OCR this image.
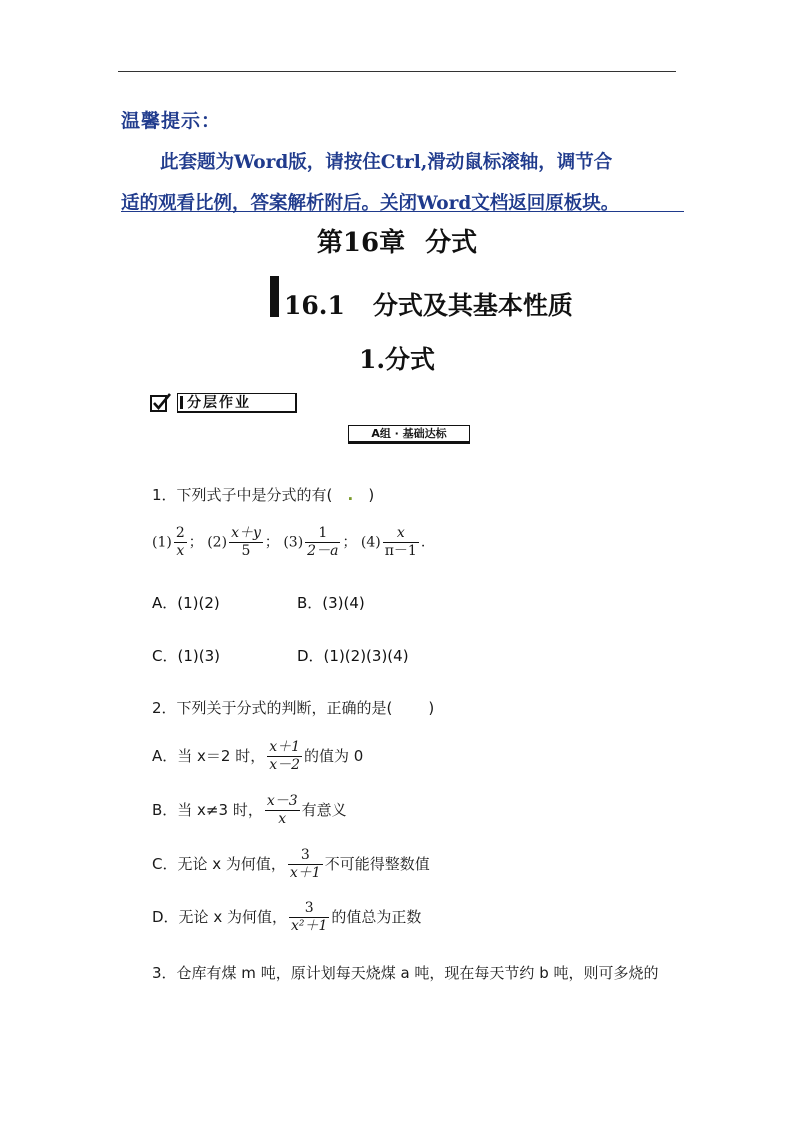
温馨提示：
此套题为Word版，请按住Ctrl,滑动鼠标滚轴，调节合
适的观看比例，答案解析附后。关闭Word文档返回原板块。
第16章 分式
16.1 分式及其基本性质
1.分式
分层作业
A组 · 基础达标
1．下列式子中是分式的有( . )
$(1) \frac{2}{x}$ ； $(2) \frac{x+y}{5}$ ； $(3) \frac{1}{2-a}$ ； $(4) \frac{x}{\pi-1}$ .
A．(1)(2)	B．(3)(4)
C．(1)(3)	D．(1)(2)(3)(4)
2．下列关于分式的判断，正确的是( )
A．当 x＝2 时， $\frac{x+1}{x-2}$ 的值为 0
B．当 x≠3 时， $\frac{x-3}{x}$ 有意义
C．无论 x 为何值， $\frac{3}{x+1}$ 不可能得整数值
D．无论 x 为何值， $\frac{3}{\text{x²＋1}}$ 的值总为正数
3．仓库有煤 m 吨，原计划每天烧煤 a 吨，现在每天节约 b 吨，则可多烧的
